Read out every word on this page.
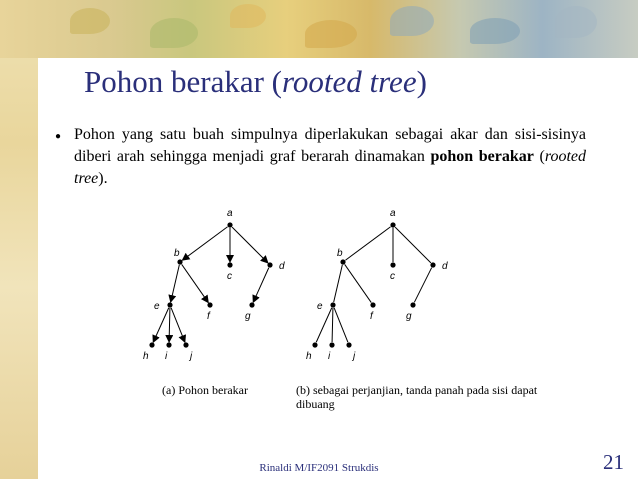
Pohon berakar (rooted tree)
● Pohon yang satu buah simpulnya diperlakukan sebagai akar dan sisi-sisinya diberi arah sehingga menjadi graf berarah dinamakan pohon berakar (rooted tree).
a
b
c
d
e
f	g
h i j
a
b
c
d
e
f	g
h i j
(a) Pohon berakar	(b) sebagai perjanjian, tanda panah pada sisi dapat dibuang
Rinaldi M/IF2091 Strukdis	21
